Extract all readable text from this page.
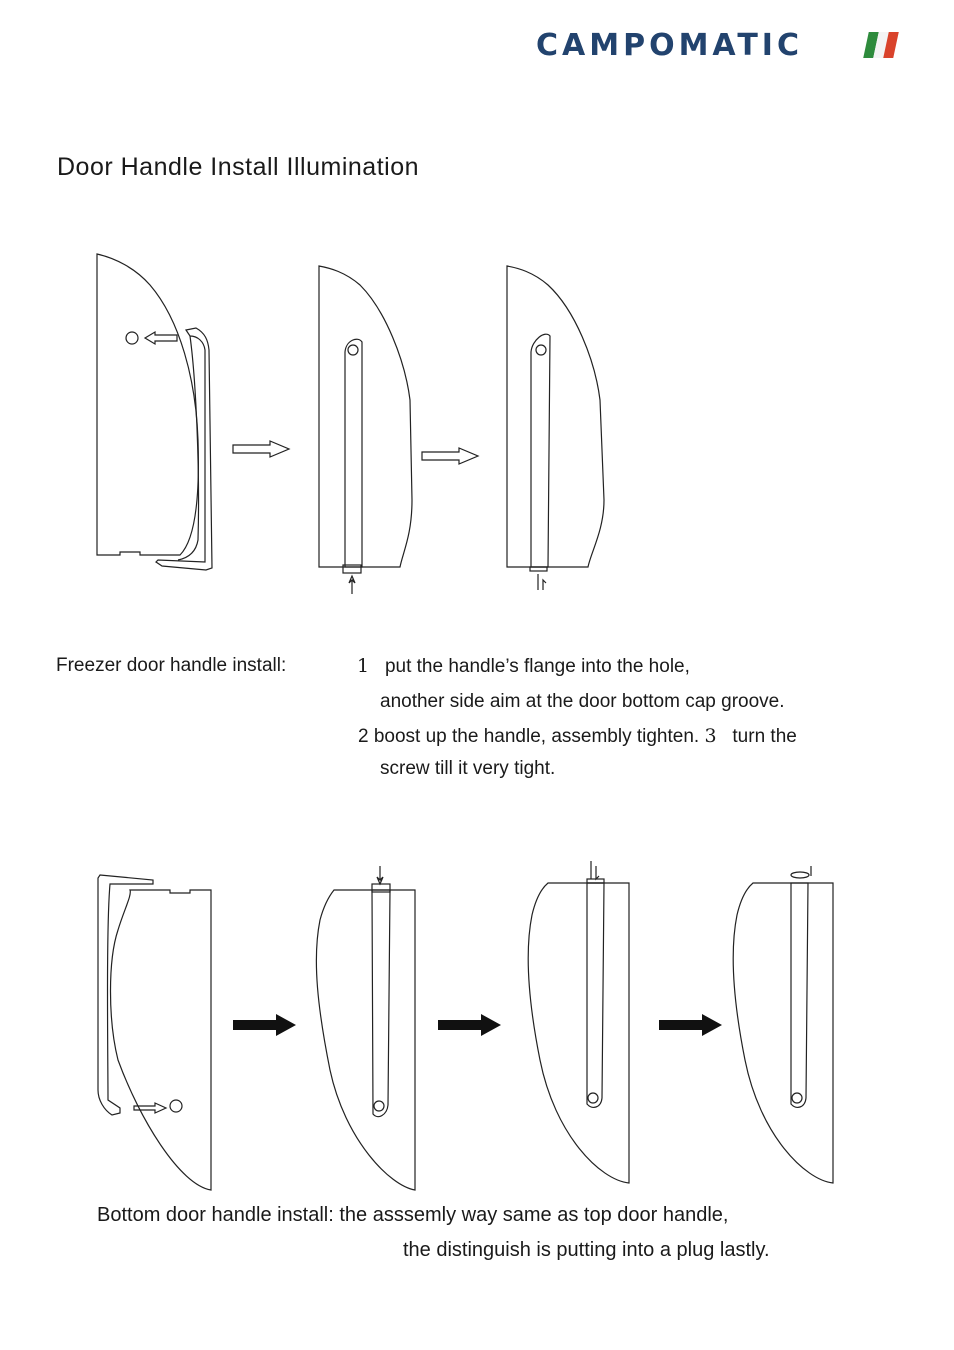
CAMPOMATIC
Door Handle Install Illumination
Freezer door handle install:	1 put the handle’s flange into the hole,
another side aim at the door bottom cap groove.
2 boost up the handle, assembly tighten. 3 turn the
screw till it very tight.
Bottom door handle install: the asssemly way same as top door handle,
the distinguish is putting into a plug lastly.
